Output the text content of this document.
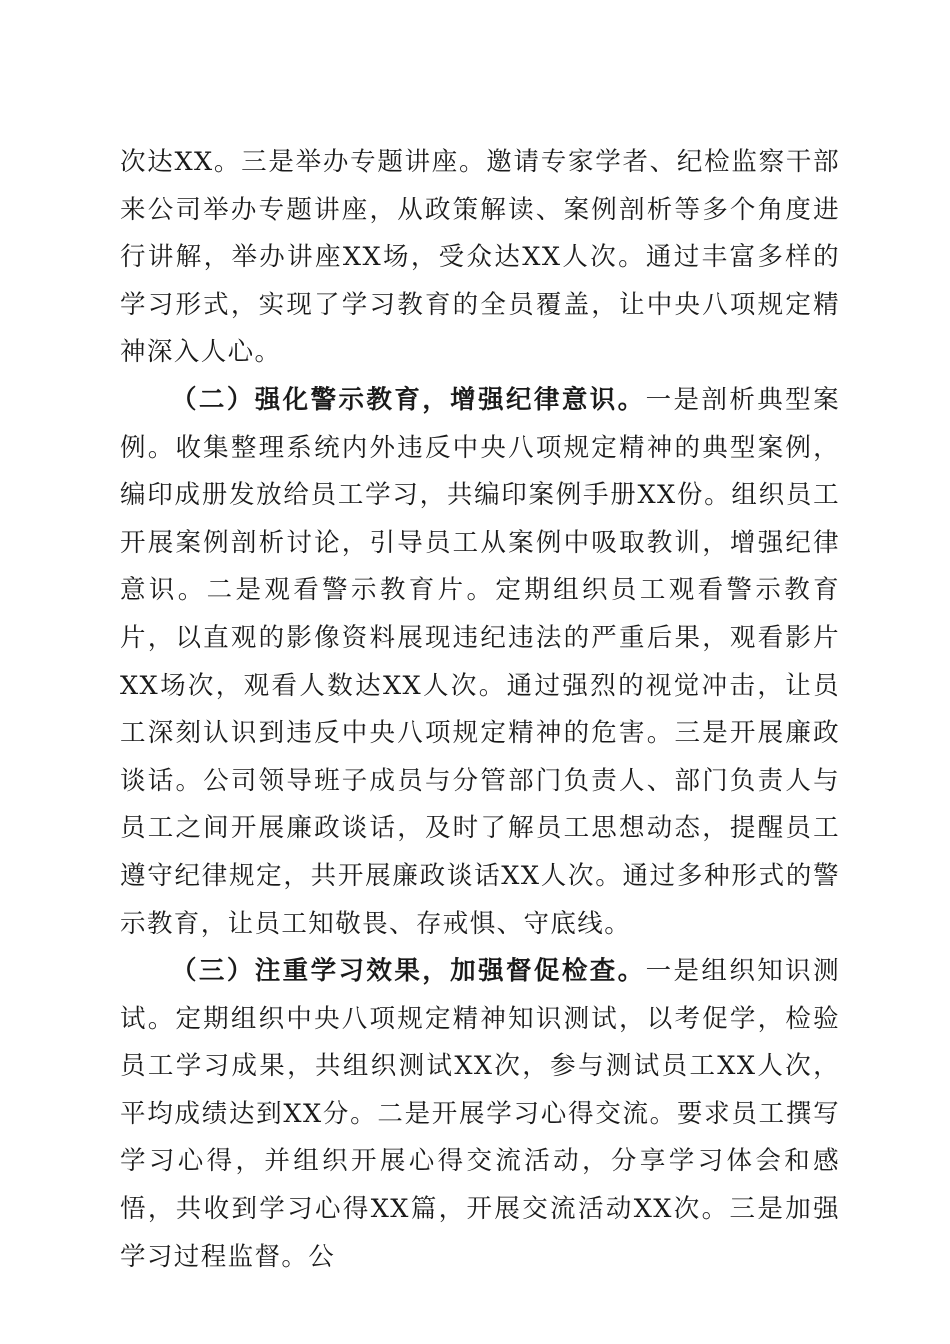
次达XX。三是举办专题讲座。邀请专家学者、纪检监察干部来公司举办专题讲座，从政策解读、案例剖析等多个角度进行讲解，举办讲座XX场，受众达XX人次。通过丰富多样的学习形式，实现了学习教育的全员覆盖，让中央八项规定精神深入人心。

（二）强化警示教育，增强纪律意识。一是剖析典型案例。收集整理系统内外违反中央八项规定精神的典型案例，编印成册发放给员工学习，共编印案例手册XX份。组织员工开展案例剖析讨论，引导员工从案例中吸取教训，增强纪律意识。二是观看警示教育片。定期组织员工观看警示教育片，以直观的影像资料展现违纪违法的严重后果，观看影片XX场次，观看人数达XX人次。通过强烈的视觉冲击，让员工深刻认识到违反中央八项规定精神的危害。三是开展廉政谈话。公司领导班子成员与分管部门负责人、部门负责人与员工之间开展廉政谈话，及时了解员工思想动态，提醒员工遵守纪律规定，共开展廉政谈话XX人次。通过多种形式的警示教育，让员工知敬畏、存戒惧、守底线。

（三）注重学习效果，加强督促检查。一是组织知识测试。定期组织中央八项规定精神知识测试，以考促学，检验员工学习成果，共组织测试XX次，参与测试员工XX人次，平均成绩达到XX分。二是开展学习心得交流。要求员工撰写学习心得，并组织开展心得交流活动，分享学习体会和感悟，共收到学习心得XX篇，开展交流活动XX次。三是加强学习过程监督。公
